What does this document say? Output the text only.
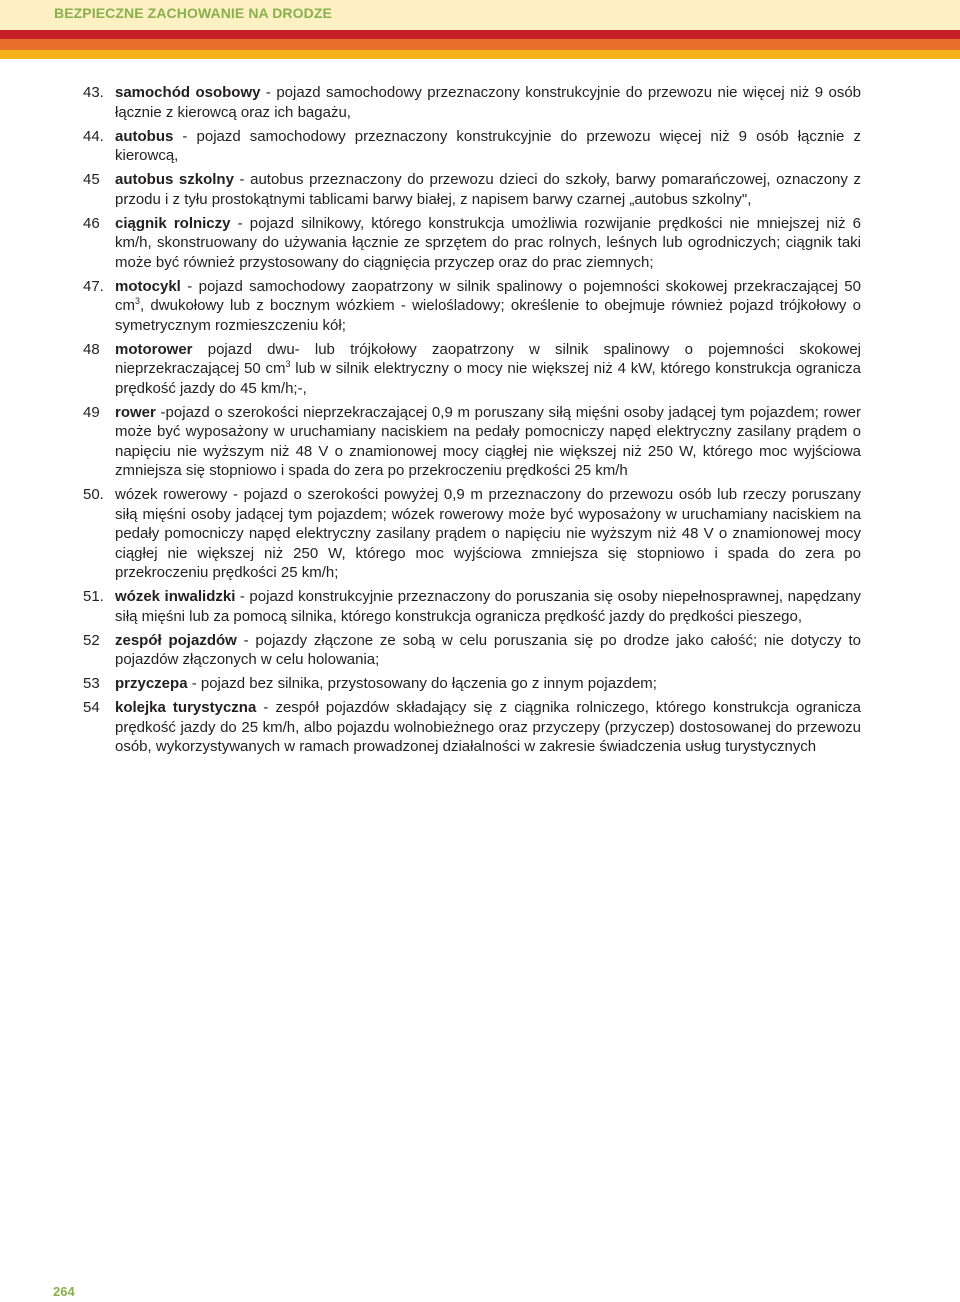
BEZPIECZNE ZACHOWANIE NA DRODZE
43. samochód osobowy - pojazd samochodowy przeznaczony konstrukcyjnie do przewozu nie więcej niż 9 osób łącznie z kierowcą oraz ich bagażu,
44. autobus - pojazd samochodowy przeznaczony konstrukcyjnie do przewozu więcej niż 9 osób łącznie z kierowcą,
45	autobus szkolny - autobus przeznaczony do przewozu dzieci do szkoły, barwy pomarańczowej, oznaczony z przodu i z tyłu prostokątnymi tablicami barwy białej, z napisem barwy czarnej „autobus szkolny",
46	ciągnik rolniczy - pojazd silnikowy, którego konstrukcja umożliwia rozwijanie prędkości nie mniejszej niż 6 km/h, skonstruowany do używania łącznie ze sprzętem do prac rolnych, leśnych lub ogrodniczych; ciągnik taki może być również przystosowany do ciągnięcia przyczep oraz do prac ziemnych;
47. motocykl - pojazd samochodowy zaopatrzony w silnik spalinowy o pojemności skokowej przekraczającej 50 $cm^3$, dwukołowy lub z bocznym wózkiem - wielośladowy; określenie to obejmuje również pojazd trójkołowy o symetrycznym rozmieszczeniu kół;
48	motorower pojazd dwu- lub trójkołowy zaopatrzony w silnik spalinowy o pojemności skokowej nieprzekraczającej 50 $cm^3$ lub w silnik elektryczny o mocy nie większej niż 4 kW, którego konstrukcja ogranicza prędkość jazdy do 45 km/h;-,
49	rower -pojazd o szerokości nieprzekraczającej 0,9 m poruszany siłą mięśni osoby jadącej tym pojazdem; rower może być wyposażony w uruchamiany naciskiem na pedały pomocniczy napęd elektryczny zasilany prądem o napięciu nie wyższym niż 48 V o znamionowej mocy ciągłej nie większej niż 250 W, którego moc wyjściowa zmniejsza się stopniowo i spada do zera po przekroczeniu prędkości 25 km/h
50. wózek rowerowy - pojazd o szerokości powyżej 0,9 m przeznaczony do przewozu osób lub rzeczy poruszany siłą mięśni osoby jadącej tym pojazdem; wózek rowerowy może być wyposażony w uruchamiany naciskiem na pedały pomocniczy napęd elektryczny zasilany prądem o napięciu nie wyższym niż 48 V o znamionowej mocy ciągłej nie większej niż 250 W, którego moc wyjściowa zmniejsza się stopniowo i spada do zera po przekroczeniu prędkości 25 km/h;
51. wózek inwalidzki - pojazd konstrukcyjnie przeznaczony do poruszania się osoby niepełnosprawnej, napędzany siłą mięśni lub za pomocą silnika, którego konstrukcja ogranicza prędkość jazdy do prędkości pieszego,
52	zespół pojazdów - pojazdy złączone ze sobą w celu poruszania się po drodze jako całość; nie dotyczy to pojazdów złączonych w celu holowania;
53	przyczepa - pojazd bez silnika, przystosowany do łączenia go z innym pojazdem;
54	kolejka turystyczna - zespół pojazdów składający się z ciągnika rolniczego, którego konstrukcja ogranicza prędkość jazdy do 25 km/h, albo pojazdu wolnobieżnego oraz przyczepy (przyczep) dostosowanej do przewozu osób, wykorzystywanych w ramach prowadzonej działalności w zakresie świadczenia usług turystycznych
264
